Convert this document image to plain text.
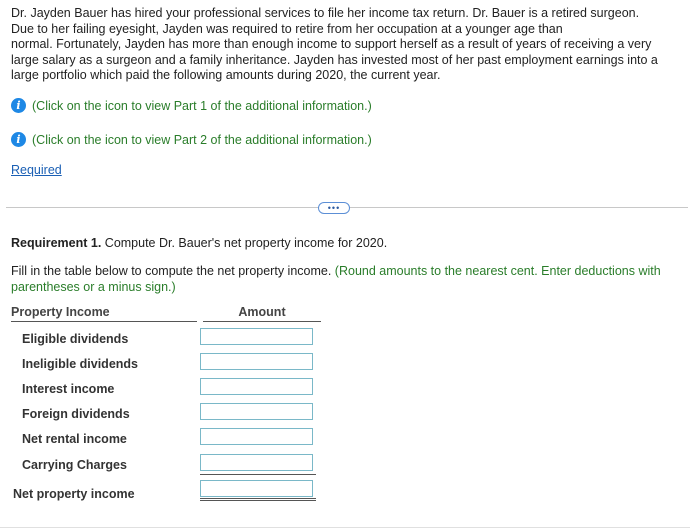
Dr. Jayden Bauer has hired your professional services to file her income tax return. Dr. Bauer is a retired surgeon.
Due to her failing eyesight, Jayden was required to retire from her occupation at a younger age than
normal. Fortunately, Jayden has more than enough income to support herself as a result of years of receiving a very
large salary as a surgeon and a family inheritance. Jayden has invested most of her past employment earnings into a
large portfolio which paid the following amounts during 2020, the current year.
i (Click on the icon to view Part 1 of the additional information.)
i (Click on the icon to view Part 2 of the additional information.)
Required
•••
Requirement 1. Compute Dr. Bauer's net property income for 2020.
Fill in the table below to compute the net property income. (Round amounts to the nearest cent. Enter deductions with parentheses or a minus sign.)
Property Income	Amount
Eligible dividends
Ineligible dividends
Interest income
Foreign dividends
Net rental income
Carrying Charges
Net property income
